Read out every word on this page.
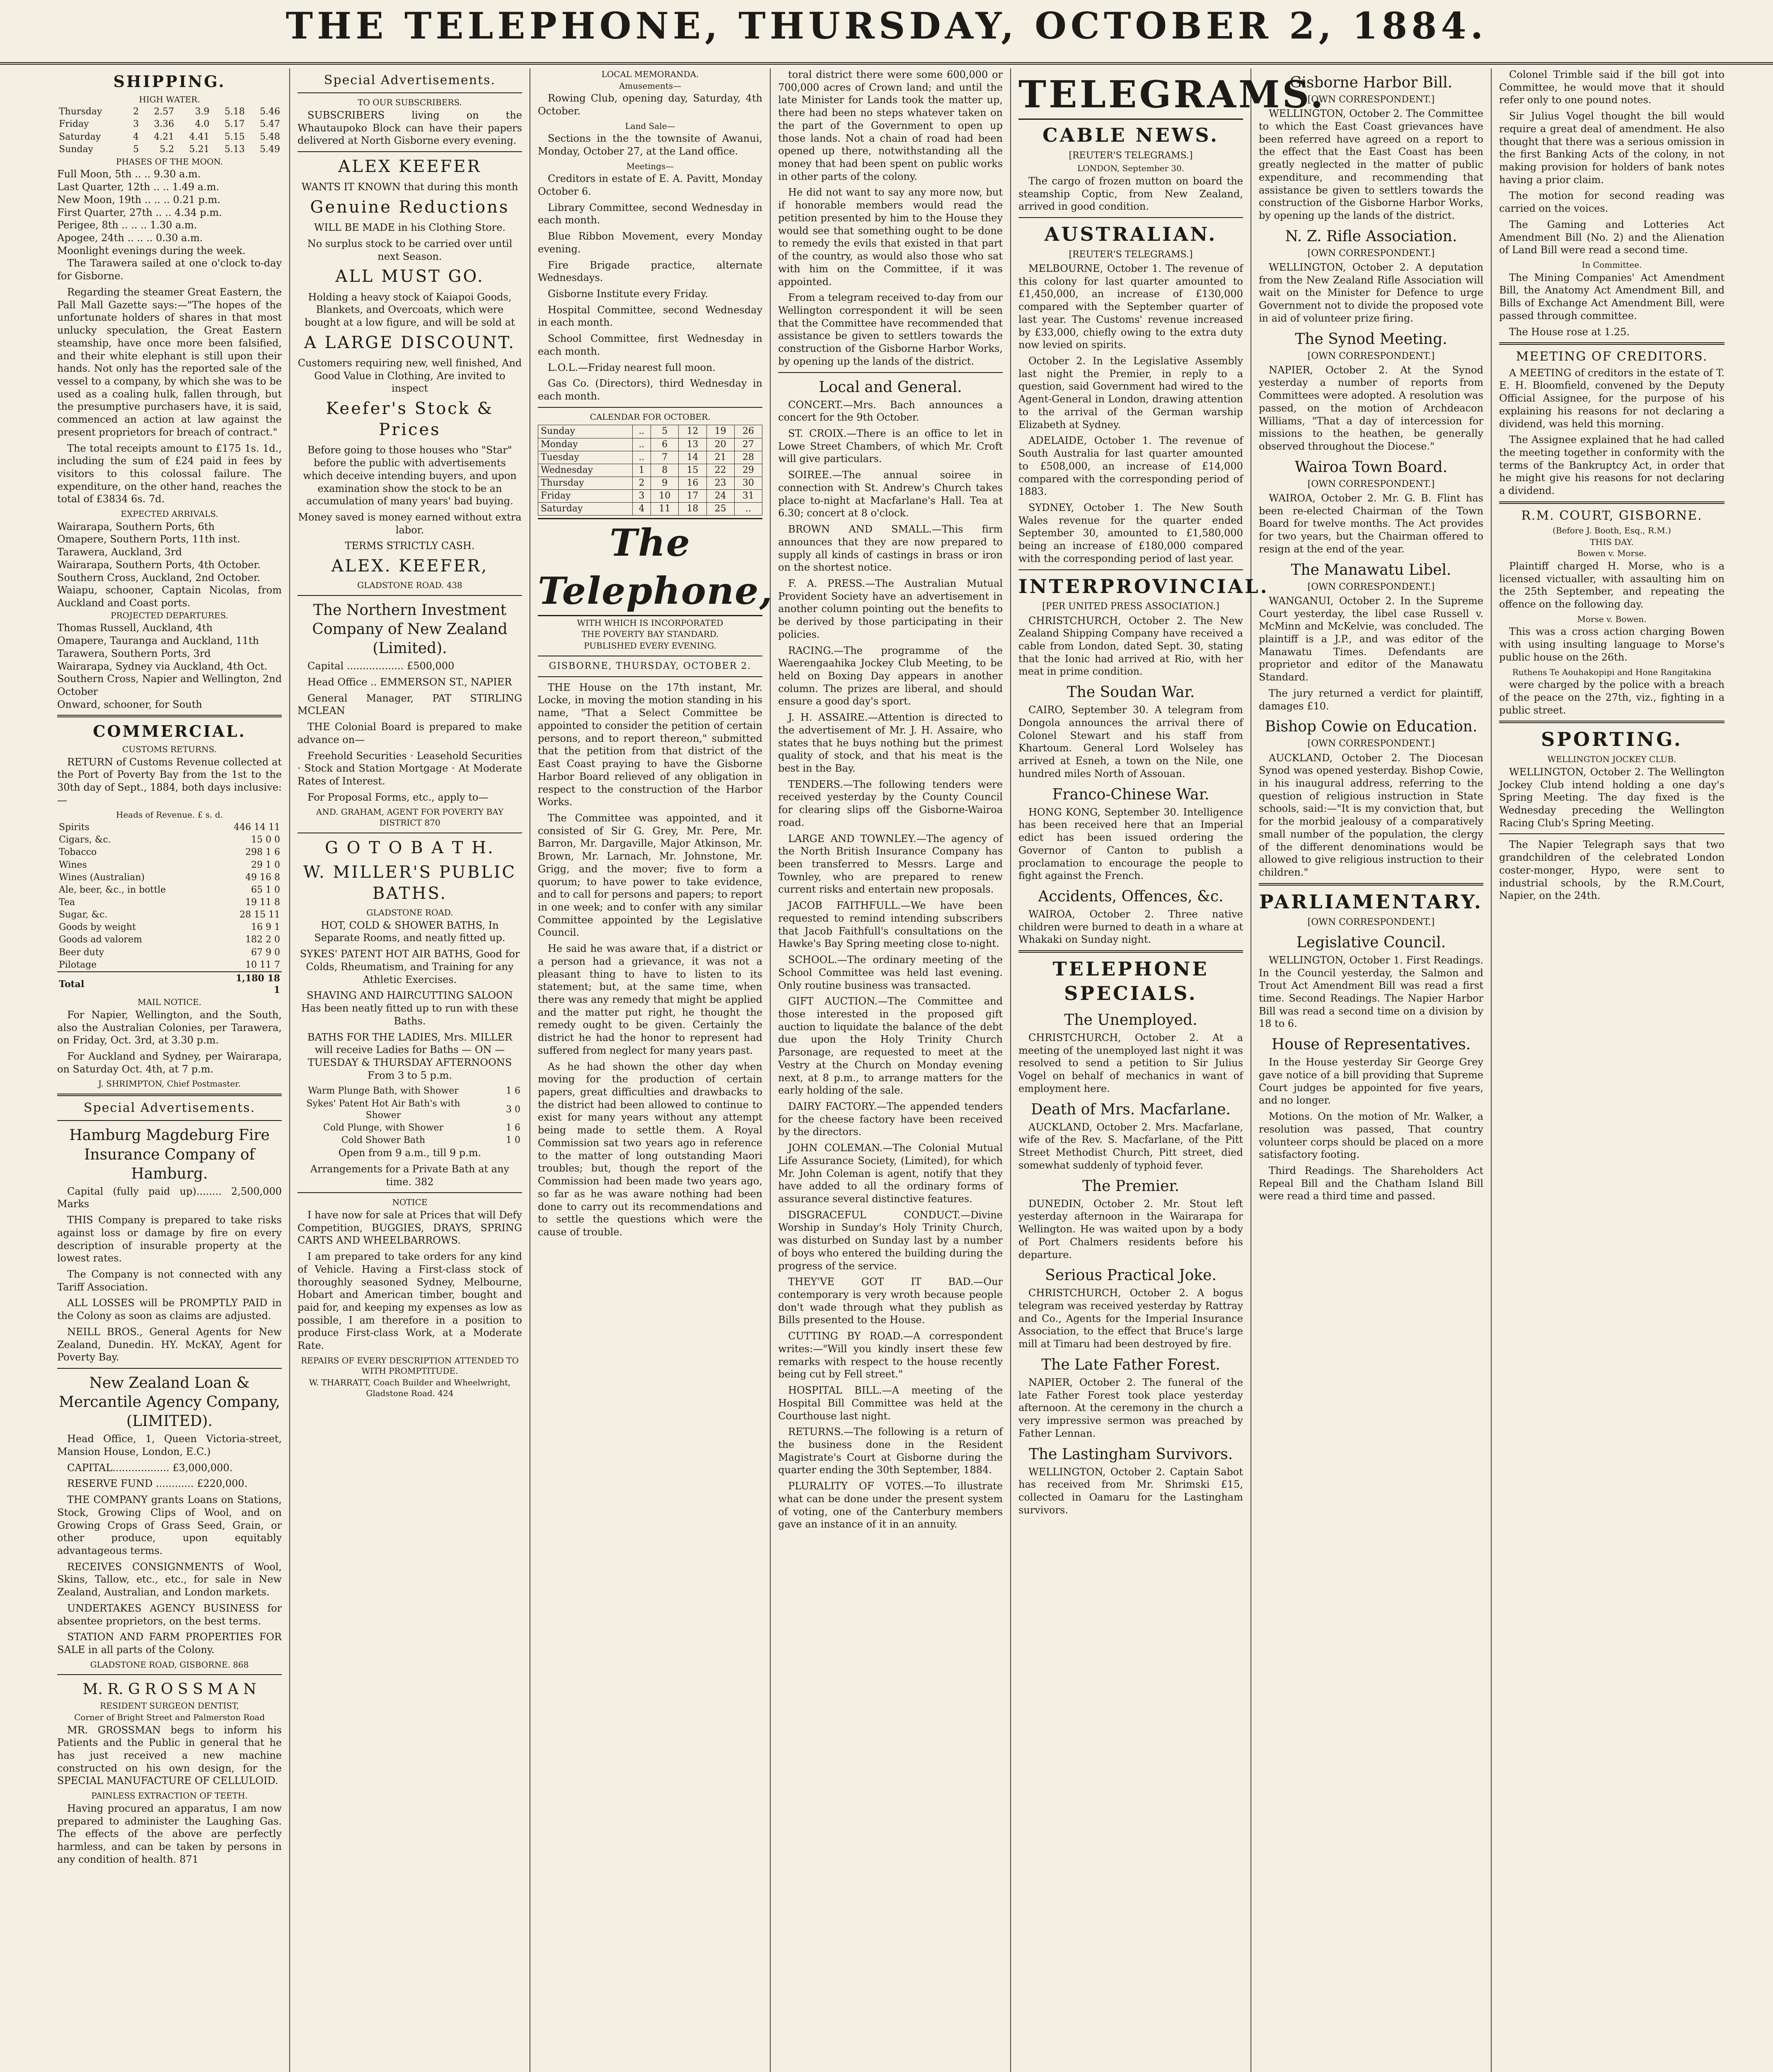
THE TELEPHONE, THURSDAY, OCTOBER 2, 1884.
SHIPPING.
HIGH WATER.
Thursday	2	2.57	3.9	5.18	5.46
Friday	3	3.36	4.0	5.17	5.47
Saturday	4	4.21	4.41	5.15	5.48
Sunday	5	5.2	5.21	5.13	5.49
PHASES OF THE MOON.
Full Moon, 5th .. .. 9.30 a.m.
Last Quarter, 12th .. .. 1.49 a.m.
New Moon, 19th .. .. .. 0.21 p.m.
First Quarter, 27th .. .. 4.34 p.m.
Perigee, 8th .. .. .. 1.30 a.m.
Apogee, 24th .. .. .. 0.30 a.m.
Moonlight evenings during the week.

The Tarawera sailed at one o'clock to-day for Gisborne.

Regarding the steamer Great Eastern, the Pall Mall Gazette says:—"The hopes of the unfortunate holders of shares in that most unlucky speculation, the Great Eastern steamship, have once more been falsified, and their white elephant is still upon their hands. Not only has the reported sale of the vessel to a company, by which she was to be used as a coaling hulk, fallen through, but the presumptive purchasers have, it is said, commenced an action at law against the present proprietors for breach of contract."

The total receipts amount to £175 1s. 1d., including the sum of £24 paid in fees by visitors to this colossal failure. The expenditure, on the other hand, reaches the total of £3834 6s. 7d.

EXPECTED ARRIVALS.
Wairarapa, Southern Ports, 6th
Omapere, Southern Ports, 11th inst.
Tarawera, Auckland, 3rd
Wairarapa, Southern Ports, 4th October.
Southern Cross, Auckland, 2nd October.
Waiapu, schooner, Captain Nicolas, from Auckland and Coast ports.
PROJECTED DEPARTURES.
Thomas Russell, Auckland, 4th
Omapere, Tauranga and Auckland, 11th
Tarawera, Southern Ports, 3rd
Wairarapa, Sydney via Auckland, 4th Oct.
Southern Cross, Napier and Wellington, 2nd October
Onward, schooner, for South
COMMERCIAL.
CUSTOMS RETURNS.

RETURN of Customs Revenue collected at the Port of Poverty Bay from the 1st to the 30th day of Sept., 1884, both days inclusive:—

Heads of Revenue. £ s. d.
Spirits	446 14 11
Cigars, &c.	15 0 0
Tobacco	298 1 6
Wines	29 1 0
Wines (Australian)	49 16 8
Ale, beer, &c., in bottle	65 1 0
Tea	19 11 8
Sugar, &c.	28 15 11
Goods by weight	16 9 1
Goods ad valorem	182 2 0
Beer duty	67 9 0
Pilotage	10 11 7
Total	1,180 18 1
MAIL NOTICE.

For Napier, Wellington, and the South, also the Australian Colonies, per Tarawera, on Friday, Oct. 3rd, at 3.30 p.m.

For Auckland and Sydney, per Wairarapa, on Saturday Oct. 4th, at 7 p.m.

J. SHRIMPTON, Chief Postmaster.
Special Advertisements.
Hamburg Magdeburg Fire Insurance Company of Hamburg.

Capital (fully paid up)........ 2,500,000 Marks

THIS Company is prepared to take risks against loss or damage by fire on every description of insurable property at the lowest rates.

The Company is not connected with any Tariff Association.

ALL LOSSES will be PROMPTLY PAID in the Colony as soon as claims are adjusted.

NEILL BROS., General Agents for New Zealand, Dunedin. HY. McKAY, Agent for Poverty Bay.

New Zealand Loan & Mercantile Agency Company, (LIMITED).

Head Office, 1, Queen Victoria-street, Mansion House, London, E.C.)

CAPITAL.................. £3,000,000.

RESERVE FUND ............ £220,000.

THE COMPANY grants Loans on Stations, Stock, Growing Clips of Wool, and on Growing Crops of Grass Seed, Grain, or other produce, upon equitably advantageous terms.

RECEIVES CONSIGNMENTS of Wool, Skins, Tallow, etc., etc., for sale in New Zealand, Australian, and London markets.

UNDERTAKES AGENCY BUSINESS for absentee proprietors, on the best terms.

STATION AND FARM PROPERTIES FOR SALE in all parts of the Colony.

GLADSTONE ROAD, GISBORNE. 868
M. R. G R O S S M A N
RESIDENT SURGEON DENTIST,
Corner of Bright Street and Palmerston Road

MR. GROSSMAN begs to inform his Patients and the Public in general that he has just received a new machine constructed on his own design, for the SPECIAL MANUFACTURE OF CELLULOID.

PAINLESS EXTRACTION OF TEETH.

Having procured an apparatus, I am now prepared to administer the Laughing Gas. The effects of the above are perfectly harmless, and can be taken by persons in any condition of health. 871

Special Advertisements.
TO OUR SUBSCRIBERS.

SUBSCRIBERS living on the Whautaupoko Block can have their papers delivered at North Gisborne every evening.

ALEX KEEFER

WANTS IT KNOWN that during this month

Genuine Reductions

WILL BE MADE in his Clothing Store.

No surplus stock to be carried over until next Season.

ALL MUST GO.

Holding a heavy stock of Kaiapoi Goods, Blankets, and Overcoats, which were bought at a low figure, and will be sold at

A LARGE DISCOUNT.

Customers requiring new, well finished, And Good Value in Clothing, Are invited to inspect

Keefer's Stock & Prices

Before going to those houses who "Star" before the public with advertisements which deceive intending buyers, and upon examination show the stock to be an accumulation of many years' bad buying.

Money saved is money earned without extra labor.

TERMS STRICTLY CASH.
ALEX. KEEFER,
GLADSTONE ROAD. 438
The Northern Investment Company of New Zealand (Limited).

Capital .................. £500,000

Head Office .. EMMERSON ST., NAPIER

General Manager, PAT STIRLING MCLEAN

THE Colonial Board is prepared to make advance on—

Freehold Securities · Leasehold Securities · Stock and Station Mortgage · At Moderate Rates of Interest.

For Proposal Forms, etc., apply to—

AND. GRAHAM, AGENT FOR POVERTY BAY DISTRICT 870
G O T O B A T H.
W. MILLER'S PUBLIC BATHS.
GLADSTONE ROAD.

HOT, COLD & SHOWER BATHS, In Separate Rooms, and neatly fitted up.

SYKES' PATENT HOT AIR BATHS, Good for Colds, Rheumatism, and Training for any Athletic Exercises.

SHAVING AND HAIRCUTTING SALOON Has been neatly fitted up to run with these Baths.

BATHS FOR THE LADIES, Mrs. MILLER will receive Ladies for Baths — ON — TUESDAY & THURSDAY AFTERNOONS From 3 to 5 p.m.

Warm Plunge Bath, with Shower	1 6
Sykes' Patent Hot Air Bath's with Shower	3 0
Cold Plunge, with Shower	1 6
Cold Shower Bath	1 0

Open from 9 a.m., till 9 p.m.

Arrangements for a Private Bath at any time. 382

NOTICE

I have now for sale at Prices that will Defy Competition, BUGGIES, DRAYS, SPRING CARTS AND WHEELBARROWS.

I am prepared to take orders for any kind of Vehicle. Having a First-class stock of thoroughly seasoned Sydney, Melbourne, Hobart and American timber, bought and paid for, and keeping my expenses as low as possible, I am therefore in a position to produce First-class Work, at a Moderate Rate.

REPAIRS OF EVERY DESCRIPTION ATTENDED TO WITH PROMPTITUDE.
W. THARRATT, Coach Builder and Wheelwright, Gladstone Road. 424
LOCAL MEMORANDA.
Amusements—

Rowing Club, opening day, Saturday, 4th October.

Land Sale—

Sections in the the townsite of Awanui, Monday, October 27, at the Land office.

Meetings—

Creditors in estate of E. A. Pavitt, Monday October 6.

Library Committee, second Wednesday in each month.

Blue Ribbon Movement, every Monday evening.

Fire Brigade practice, alternate Wednesdays.

Gisborne Institute every Friday.

Hospital Committee, second Wednesday in each month.

School Committee, first Wednesday in each month.

L.O.L.—Friday nearest full moon.

Gas Co. (Directors), third Wednesday in each month.

CALENDAR FOR OCTOBER.
Sunday	..	5	12	19	26
Monday	..	6	13	20	27
Tuesday	..	7	14	21	28
Wednesday	1	8	15	22	29
Thursday	2	9	16	23	30
Friday	3	10	17	24	31
Saturday	4	11	18	25	..
The Telephone,
WITH WHICH IS INCORPORATED
THE POVERTY BAY STANDARD.
PUBLISHED EVERY EVENING.
GISBORNE, THURSDAY, OCTOBER 2.

THE House on the 17th instant, Mr. Locke, in moving the motion standing in his name, "That a Select Committee be appointed to consider the petition of certain persons, and to report thereon," submitted that the petition from that district of the East Coast praying to have the Gisborne Harbor Board relieved of any obligation in respect to the construction of the Harbor Works.

The Committee was appointed, and it consisted of Sir G. Grey, Mr. Pere, Mr. Barron, Mr. Dargaville, Major Atkinson, Mr. Brown, Mr. Larnach, Mr. Johnstone, Mr. Grigg, and the mover; five to form a quorum; to have power to take evidence, and to call for persons and papers; to report in one week; and to confer with any similar Committee appointed by the Legislative Council.

He said he was aware that, if a district or a person had a grievance, it was not a pleasant thing to have to listen to its statement; but, at the same time, when there was any remedy that might be applied and the matter put right, he thought the remedy ought to be given. Certainly the district he had the honor to represent had suffered from neglect for many years past.

As he had shown the other day when moving for the production of certain papers, great difficulties and drawbacks to the district had been allowed to continue to exist for many years without any attempt being made to settle them. A Royal Commission sat two years ago in reference to the matter of long outstanding Maori troubles; but, though the report of the Commission had been made two years ago, so far as he was aware nothing had been done to carry out its recommendations and to settle the questions which were the cause of trouble.

toral district there were some 600,000 or 700,000 acres of Crown land; and until the late Minister for Lands took the matter up, there had been no steps whatever taken on the part of the Government to open up those lands. Not a chain of road had been opened up there, notwithstanding all the money that had been spent on public works in other parts of the colony.

He did not want to say any more now, but if honorable members would read the petition presented by him to the House they would see that something ought to be done to remedy the evils that existed in that part of the country, as would also those who sat with him on the Committee, if it was appointed.

From a telegram received to-day from our Wellington correspondent it will be seen that the Committee have recommended that assistance be given to settlers towards the construction of the Gisborne Harbor Works, by opening up the lands of the district.

Local and General.

CONCERT.—Mrs. Bach announces a concert for the 9th October.

ST. CROIX.—There is an office to let in Lowe Street Chambers, of which Mr. Croft will give particulars.

SOIREE.—The annual soiree in connection with St. Andrew's Church takes place to-night at Macfarlane's Hall. Tea at 6.30; concert at 8 o'clock.

BROWN AND SMALL.—This firm announces that they are now prepared to supply all kinds of castings in brass or iron on the shortest notice.

F. A. PRESS.—The Australian Mutual Provident Society have an advertisement in another column pointing out the benefits to be derived by those participating in their policies.

RACING.—The programme of the Waerengaahika Jockey Club Meeting, to be held on Boxing Day appears in another column. The prizes are liberal, and should ensure a good day's sport.

J. H. ASSAIRE.—Attention is directed to the advertisement of Mr. J. H. Assaire, who states that he buys nothing but the primest quality of stock, and that his meat is the best in the Bay.

TENDERS.—The following tenders were received yesterday by the County Council for clearing slips off the Gisborne-Wairoa road.

LARGE AND TOWNLEY.—The agency of the North British Insurance Company has been transferred to Messrs. Large and Townley, who are prepared to renew current risks and entertain new proposals.

JACOB FAITHFULL.—We have been requested to remind intending subscribers that Jacob Faithfull's consultations on the Hawke's Bay Spring meeting close to-night.

SCHOOL.—The ordinary meeting of the School Committee was held last evening. Only routine business was transacted.

GIFT AUCTION.—The Committee and those interested in the proposed gift auction to liquidate the balance of the debt due upon the Holy Trinity Church Parsonage, are requested to meet at the Vestry at the Church on Monday evening next, at 8 p.m., to arrange matters for the early holding of the sale.

DAIRY FACTORY.—The appended tenders for the cheese factory have been received by the directors.

JOHN COLEMAN.—The Colonial Mutual Life Assurance Society, (Limited), for which Mr. John Coleman is agent, notify that they have added to all the ordinary forms of assurance several distinctive features.

DISGRACEFUL CONDUCT.—Divine Worship in Sunday's Holy Trinity Church, was disturbed on Sunday last by a number of boys who entered the building during the progress of the service.

THEY'VE GOT IT BAD.—Our contemporary is very wroth because people don't wade through what they publish as Bills presented to the House.

CUTTING BY ROAD.—A correspondent writes:—"Will you kindly insert these few remarks with respect to the house recently being cut by Fell street."

HOSPITAL BILL.—A meeting of the Hospital Bill Committee was held at the Courthouse last night.

RETURNS.—The following is a return of the business done in the Resident Magistrate's Court at Gisborne during the quarter ending the 30th September, 1884.

PLURALITY OF VOTES.—To illustrate what can be done under the present system of voting, one of the Canterbury members gave an instance of it in an annuity.

TELEGRAMS.
CABLE NEWS.
[REUTER'S TELEGRAMS.]
LONDON, September 30.

The cargo of frozen mutton on board the steamship Coptic, from New Zealand, arrived in good condition.

AUSTRALIAN.
[REUTER'S TELEGRAMS.]

MELBOURNE, October 1. The revenue of this colony for last quarter amounted to £1,450,000, an increase of £130,000 compared with the September quarter of last year. The Customs' revenue increased by £33,000, chiefly owing to the extra duty now levied on spirits.

October 2. In the Legislative Assembly last night the Premier, in reply to a question, said Government had wired to the Agent-General in London, drawing attention to the arrival of the German warship Elizabeth at Sydney.

ADELAIDE, October 1. The revenue of South Australia for last quarter amounted to £508,000, an increase of £14,000 compared with the corresponding period of 1883.

SYDNEY, October 1. The New South Wales revenue for the quarter ended September 30, amounted to £1,580,000 being an increase of £180,000 compared with the corresponding period of last year.

INTERPROVINCIAL.
[PER UNITED PRESS ASSOCIATION.]

CHRISTCHURCH, October 2. The New Zealand Shipping Company have received a cable from London, dated Sept. 30, stating that the Ionic had arrived at Rio, with her meat in prime condition.

The Soudan War.

CAIRO, September 30. A telegram from Dongola announces the arrival there of Colonel Stewart and his staff from Khartoum. General Lord Wolseley has arrived at Esneh, a town on the Nile, one hundred miles North of Assouan.

Franco-Chinese War.

HONG KONG, September 30. Intelligence has been received here that an Imperial edict has been issued ordering the Governor of Canton to publish a proclamation to encourage the people to fight against the French.

Accidents, Offences, &c.

WAIROA, October 2. Three native children were burned to death in a whare at Whakaki on Sunday night.

TELEPHONE SPECIALS.
The Unemployed.

CHRISTCHURCH, October 2. At a meeting of the unemployed last night it was resolved to send a petition to Sir Julius Vogel on behalf of mechanics in want of employment here.

Death of Mrs. Macfarlane.

AUCKLAND, October 2. Mrs. Macfarlane, wife of the Rev. S. Macfarlane, of the Pitt Street Methodist Church, Pitt street, died somewhat suddenly of typhoid fever.

The Premier.

DUNEDIN, October 2. Mr. Stout left yesterday afternoon in the Wairarapa for Wellington. He was waited upon by a body of Port Chalmers residents before his departure.

Serious Practical Joke.

CHRISTCHURCH, October 2. A bogus telegram was received yesterday by Rattray and Co., Agents for the Imperial Insurance Association, to the effect that Bruce's large mill at Timaru had been destroyed by fire.

The Late Father Forest.

NAPIER, October 2. The funeral of the late Father Forest took place yesterday afternoon. At the ceremony in the church a very impressive sermon was preached by Father Lennan.

The Lastingham Survivors.

WELLINGTON, October 2. Captain Sabot has received from Mr. Shrimski £15, collected in Oamaru for the Lastingham survivors.

Gisborne Harbor Bill.
[OWN CORRESPONDENT.]

WELLINGTON, October 2. The Committee to which the East Coast grievances have been referred have agreed on a report to the effect that the East Coast has been greatly neglected in the matter of public expenditure, and recommending that assistance be given to settlers towards the construction of the Gisborne Harbor Works, by opening up the lands of the district.

N. Z. Rifle Association.
[OWN CORRESPONDENT.]

WELLINGTON, October 2. A deputation from the New Zealand Rifle Association will wait on the Minister for Defence to urge Government not to divide the proposed vote in aid of volunteer prize firing.

The Synod Meeting.
[OWN CORRESPONDENT.]

NAPIER, October 2. At the Synod yesterday a number of reports from Committees were adopted. A resolution was passed, on the motion of Archdeacon Williams, "That a day of intercession for missions to the heathen, be generally observed throughout the Diocese."

Wairoa Town Board.
[OWN CORRESPONDENT.]

WAIROA, October 2. Mr. G. B. Flint has been re-elected Chairman of the Town Board for twelve months. The Act provides for two years, but the Chairman offered to resign at the end of the year.

The Manawatu Libel.
[OWN CORRESPONDENT.]

WANGANUI, October 2. In the Supreme Court yesterday, the libel case Russell v. McMinn and McKelvie, was concluded. The plaintiff is a J.P., and was editor of the Manawatu Times. Defendants are proprietor and editor of the Manawatu Standard.

The jury returned a verdict for plaintiff, damages £10.

Bishop Cowie on Education.
[OWN CORRESPONDENT.]

AUCKLAND, October 2. The Diocesan Synod was opened yesterday. Bishop Cowie, in his inaugural address, referring to the question of religious instruction in State schools, said:—"It is my conviction that, but for the morbid jealousy of a comparatively small number of the population, the clergy of the different denominations would be allowed to give religious instruction to their children."

PARLIAMENTARY.
[OWN CORRESPONDENT.]
Legislative Council.

WELLINGTON, October 1. First Readings. In the Council yesterday, the Salmon and Trout Act Amendment Bill was read a first time. Second Readings. The Napier Harbor Bill was read a second time on a division by 18 to 6.

House of Representatives.

In the House yesterday Sir George Grey gave notice of a bill providing that Supreme Court judges be appointed for five years, and no longer.

Motions. On the motion of Mr. Walker, a resolution was passed, That country volunteer corps should be placed on a more satisfactory footing.

Third Readings. The Shareholders Act Repeal Bill and the Chatham Island Bill were read a third time and passed.

Colonel Trimble said if the bill got into Committee, he would move that it should refer only to one pound notes.

Sir Julius Vogel thought the bill would require a great deal of amendment. He also thought that there was a serious omission in the first Banking Acts of the colony, in not making provision for holders of bank notes having a prior claim.

The motion for second reading was carried on the voices.

The Gaming and Lotteries Act Amendment Bill (No. 2) and the Alienation of Land Bill were read a second time.

In Committee.

The Mining Companies' Act Amendment Bill, the Anatomy Act Amendment Bill, and Bills of Exchange Act Amendment Bill, were passed through committee.

The House rose at 1.25.

MEETING OF CREDITORS.

A MEETING of creditors in the estate of T. E. H. Bloomfield, convened by the Deputy Official Assignee, for the purpose of his explaining his reasons for not declaring a dividend, was held this morning.

The Assignee explained that he had called the meeting together in conformity with the terms of the Bankruptcy Act, in order that he might give his reasons for not declaring a dividend.

R.M. COURT, GISBORNE.
(Before J. Booth, Esq., R.M.)
THIS DAY.
Bowen v. Morse.

Plaintiff charged H. Morse, who is a licensed victualler, with assaulting him on the 25th September, and repeating the offence on the following day.

Morse v. Bowen.

This was a cross action charging Bowen with using insulting language to Morse's public house on the 26th.

Ruthens Te Aouhakopipi and Hone Rangitakina

were charged by the police with a breach of the peace on the 27th, viz., fighting in a public street.

SPORTING.
WELLINGTON JOCKEY CLUB.

WELLINGTON, October 2. The Wellington Jockey Club intend holding a one day's Spring Meeting. The day fixed is the Wednesday preceding the Wellington Racing Club's Spring Meeting.

The Napier Telegraph says that two grandchildren of the celebrated London coster-monger, Hypo, were sent to industrial schools, by the R.M.Court, Napier, on the 24th.
